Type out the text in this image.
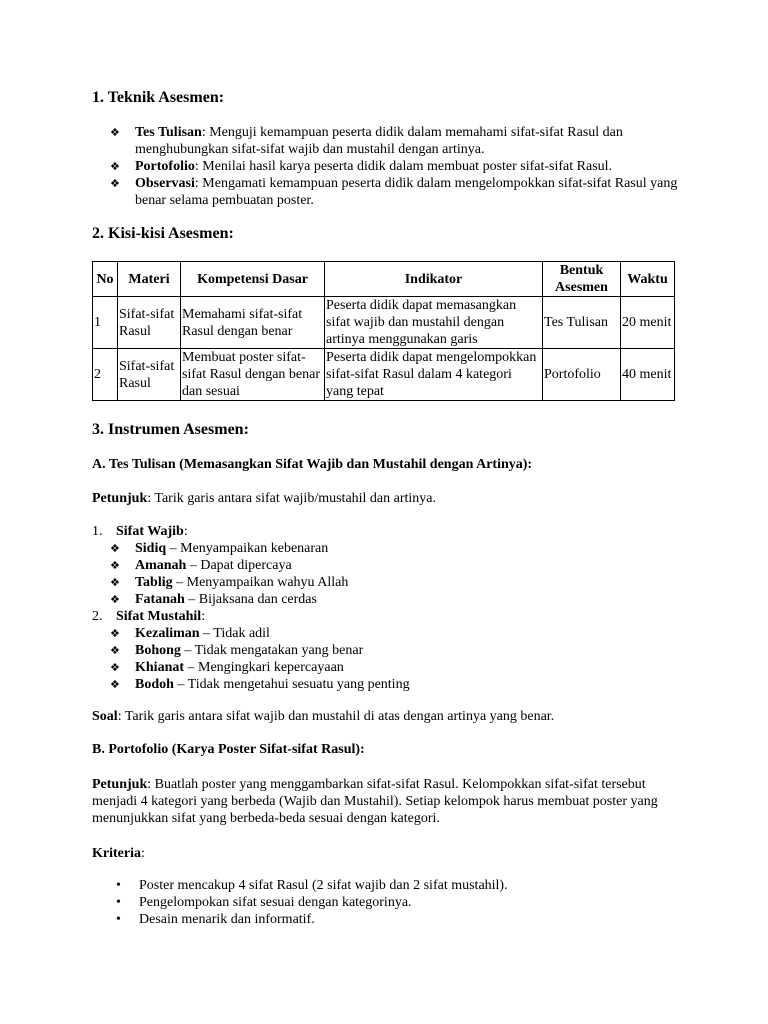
1. Teknik Asesmen:
❖ Tes Tulisan: Menguji kemampuan peserta didik dalam memahami sifat-sifat Rasul dan menghubungkan sifat-sifat wajib dan mustahil dengan artinya.
❖ Portofolio: Menilai hasil karya peserta didik dalam membuat poster sifat-sifat Rasul.
❖ Observasi: Mengamati kemampuan peserta didik dalam mengelompokkan sifat-sifat Rasul yang benar selama pembuatan poster.
2. Kisi-kisi Asesmen:
No	Materi	Kompetensi Dasar	Indikator	Bentuk Asesmen	Waktu
1	Sifat-sifat Rasul	Memahami sifat-sifat Rasul dengan benar	Peserta didik dapat memasangkan sifat wajib dan mustahil dengan artinya menggunakan garis	Tes Tulisan	20 menit
2	Sifat-sifat Rasul	Membuat poster sifat-sifat Rasul dengan benar dan sesuai	Peserta didik dapat mengelompokkan sifat-sifat Rasul dalam 4 kategori yang tepat	Portofolio	40 menit
3. Instrumen Asesmen:
A. Tes Tulisan (Memasangkan Sifat Wajib dan Mustahil dengan Artinya):
Petunjuk: Tarik garis antara sifat wajib/mustahil dan artinya.
1. Sifat Wajib:
❖ Sidiq – Menyampaikan kebenaran
❖ Amanah – Dapat dipercaya
❖ Tablig – Menyampaikan wahyu Allah
❖ Fatanah – Bijaksana dan cerdas
2. Sifat Mustahil:
❖ Kezaliman – Tidak adil
❖ Bohong – Tidak mengatakan yang benar
❖ Khianat – Mengingkari kepercayaan
❖ Bodoh – Tidak mengetahui sesuatu yang penting
Soal: Tarik garis antara sifat wajib dan mustahil di atas dengan artinya yang benar.
B. Portofolio (Karya Poster Sifat-sifat Rasul):
Petunjuk: Buatlah poster yang menggambarkan sifat-sifat Rasul. Kelompokkan sifat-sifat tersebut menjadi 4 kategori yang berbeda (Wajib dan Mustahil). Setiap kelompok harus membuat poster yang menunjukkan sifat yang berbeda-beda sesuai dengan kategori.
Kriteria:
• Poster mencakup 4 sifat Rasul (2 sifat wajib dan 2 sifat mustahil).
• Pengelompokan sifat sesuai dengan kategorinya.
• Desain menarik dan informatif.
